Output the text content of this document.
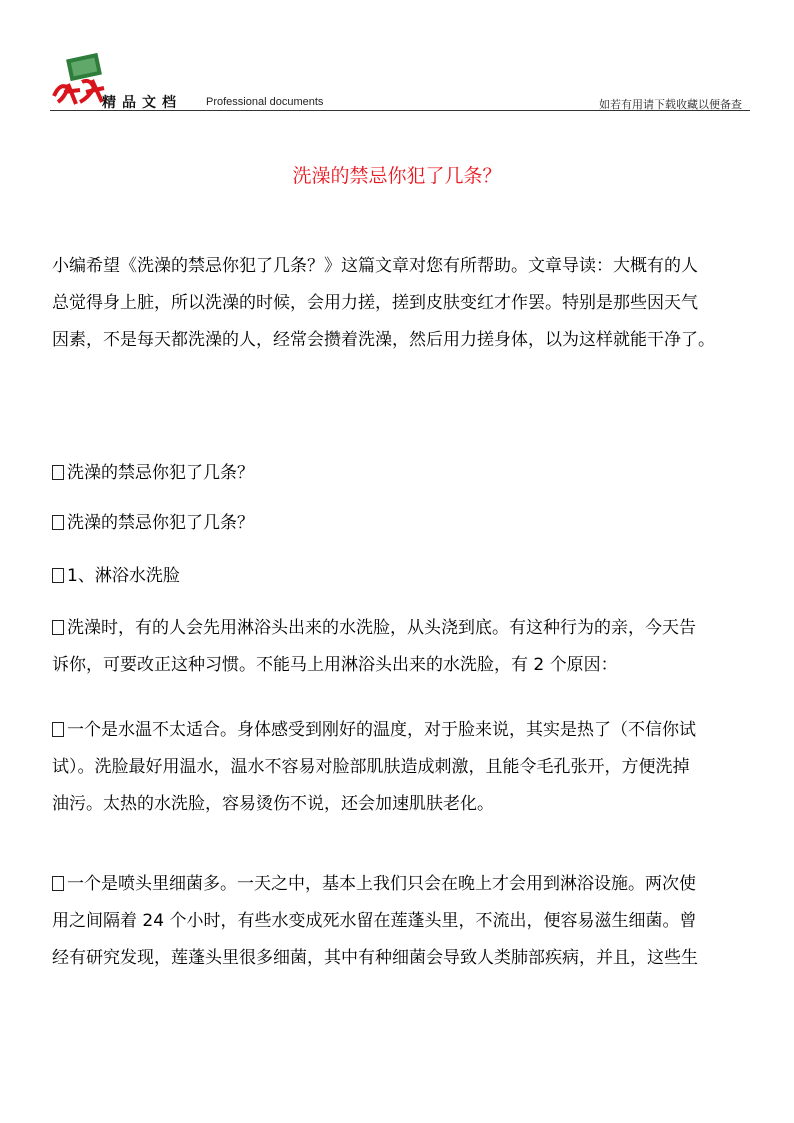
精品文档 Professional documents	如若有用请下载收藏以便备查
洗澡的禁忌你犯了几条？
小编希望《洗澡的禁忌你犯了几条？》这篇文章对您有所帮助。文章导读：大概有的人
总觉得身上脏，所以洗澡的时候，会用力搓，搓到皮肤变红才作罢。特别是那些因天气
因素，不是每天都洗澡的人，经常会攒着洗澡，然后用力搓身体，以为这样就能干净了。
洗澡的禁忌你犯了几条？
洗澡的禁忌你犯了几条？
1、淋浴水洗脸
洗澡时，有的人会先用淋浴头出来的水洗脸，从头浇到底。有这种行为的亲，今天告
诉你，可要改正这种习惯。不能马上用淋浴头出来的水洗脸，有 2 个原因：
一个是水温不太适合。身体感受到刚好的温度，对于脸来说，其实是热了（不信你试
试）。洗脸最好用温水，温水不容易对脸部肌肤造成刺激，且能令毛孔张开，方便洗掉
油污。太热的水洗脸，容易烫伤不说，还会加速肌肤老化。
一个是喷头里细菌多。一天之中，基本上我们只会在晚上才会用到淋浴设施。两次使
用之间隔着 24 个小时，有些水变成死水留在莲蓬头里，不流出，便容易滋生细菌。曾
经有研究发现，莲蓬头里很多细菌，其中有种细菌会导致人类肺部疾病，并且，这些生
